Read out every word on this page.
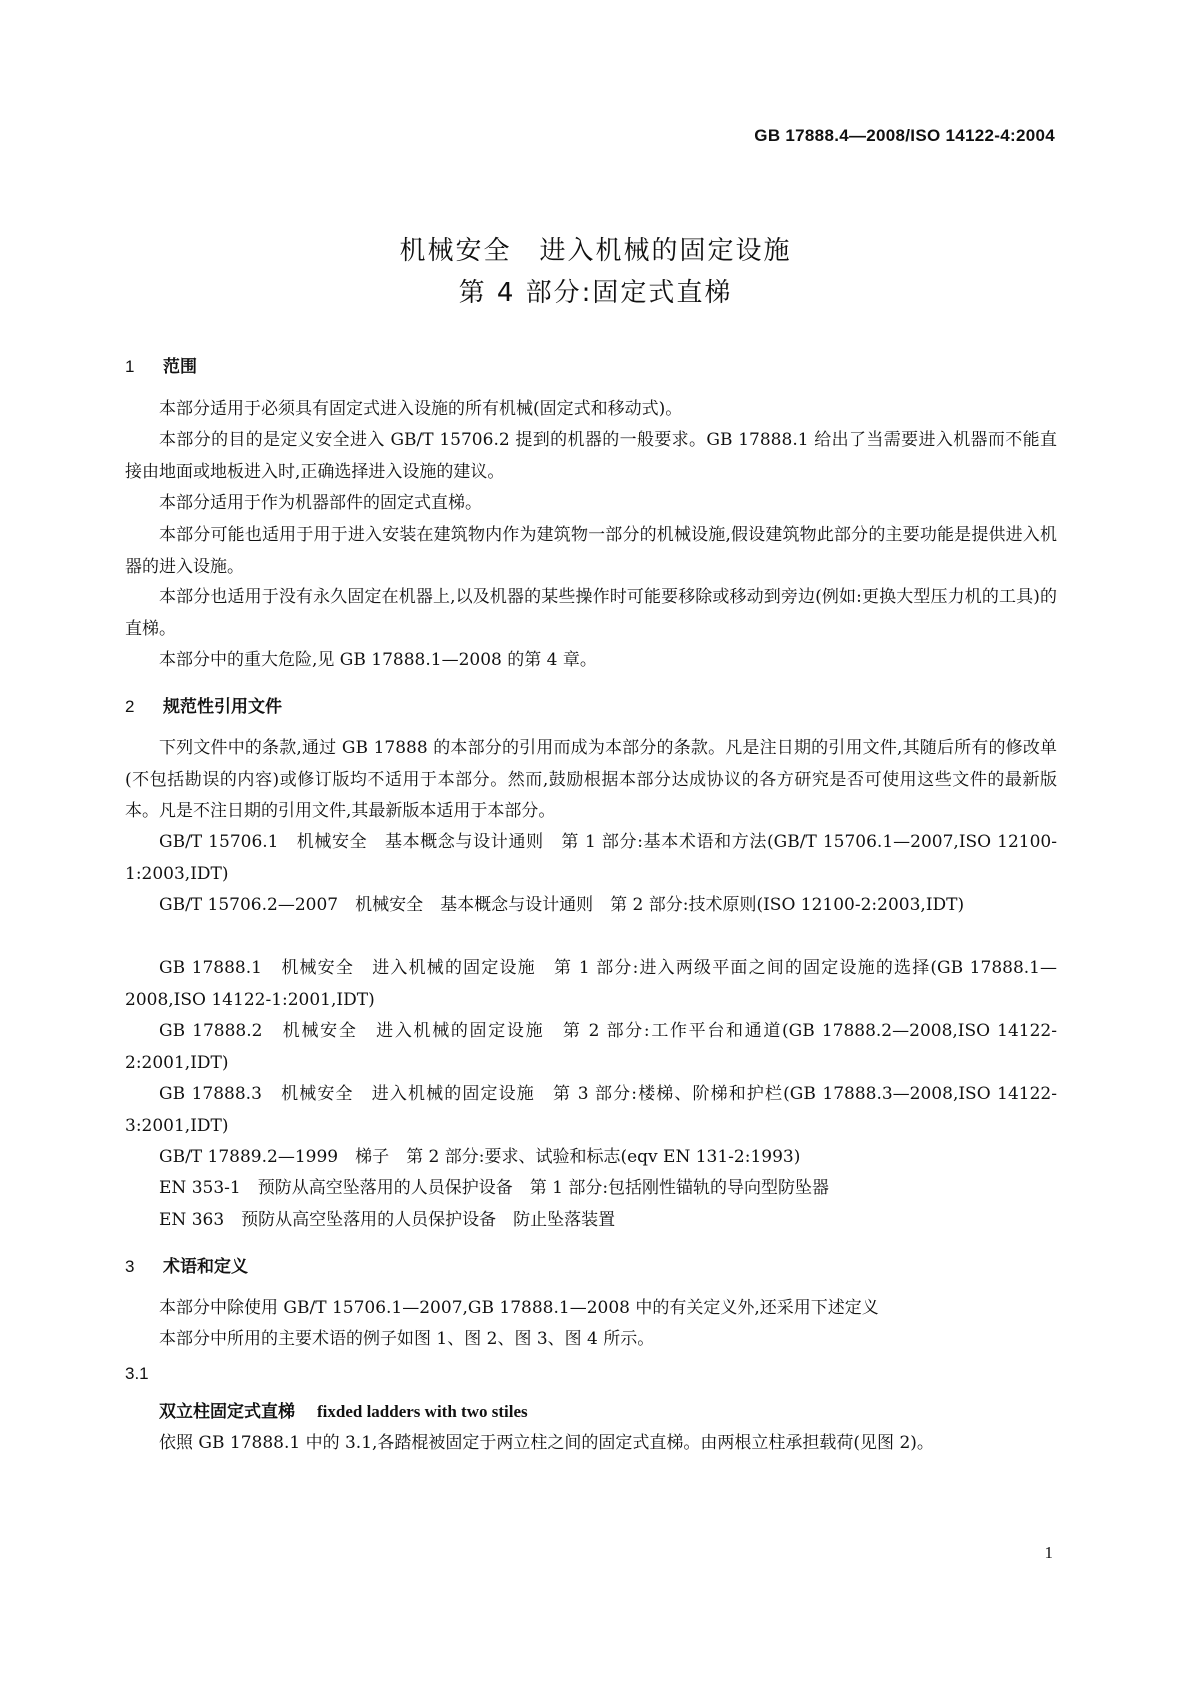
GB 17888.4—2008/ISO 14122-4:2004
机械安全　进入机械的固定设施
第 4 部分:固定式直梯
1 范围

本部分适用于必须具有固定式进入设施的所有机械(固定式和移动式)。

本部分的目的是定义安全进入 GB/T 15706.2 提到的机器的一般要求。GB 17888.1 给出了当需要进入机器而不能直接由地面或地板进入时,正确选择进入设施的建议。

本部分适用于作为机器部件的固定式直梯。

本部分可能也适用于用于进入安装在建筑物内作为建筑物一部分的机械设施,假设建筑物此部分的主要功能是提供进入机器的进入设施。

本部分也适用于没有永久固定在机器上,以及机器的某些操作时可能要移除或移动到旁边(例如:更换大型压力机的工具)的直梯。

本部分中的重大危险,见 GB 17888.1—2008 的第 4 章。

2 规范性引用文件

下列文件中的条款,通过 GB 17888 的本部分的引用而成为本部分的条款。凡是注日期的引用文件,其随后所有的修改单(不包括勘误的内容)或修订版均不适用于本部分。然而,鼓励根据本部分达成协议的各方研究是否可使用这些文件的最新版本。凡是不注日期的引用文件,其最新版本适用于本部分。

GB/T 15706.1　机械安全　基本概念与设计通则　第 1 部分:基本术语和方法(GB/T 15706.1—2007,ISO 12100-1:2003,IDT)

GB/T 15706.2—2007　机械安全　基本概念与设计通则　第 2 部分:技术原则(ISO 12100-2:2003,IDT)

GB 17888.1　机械安全　进入机械的固定设施　第 1 部分:进入两级平面之间的固定设施的选择(GB 17888.1—2008,ISO 14122-1:2001,IDT)

GB 17888.2　机械安全　进入机械的固定设施　第 2 部分:工作平台和通道(GB 17888.2—2008,ISO 14122-2:2001,IDT)

GB 17888.3　机械安全　进入机械的固定设施　第 3 部分:楼梯、阶梯和护栏(GB 17888.3—2008,ISO 14122-3:2001,IDT)

GB/T 17889.2—1999　梯子　第 2 部分:要求、试验和标志(eqv EN 131-2:1993)

EN 353-1　预防从高空坠落用的人员保护设备　第 1 部分:包括刚性锚轨的导向型防坠器

EN 363　预防从高空坠落用的人员保护设备　防止坠落装置

3 术语和定义

本部分中除使用 GB/T 15706.1—2007,GB 17888.1—2008 中的有关定义外,还采用下述定义

本部分中所用的主要术语的例子如图 1、图 2、图 3、图 4 所示。

3.1
双立柱固定式直梯 fixded ladders with two stiles

依照 GB 17888.1 中的 3.1,各踏棍被固定于两立柱之间的固定式直梯。由两根立柱承担载荷(见图 2)。

1
